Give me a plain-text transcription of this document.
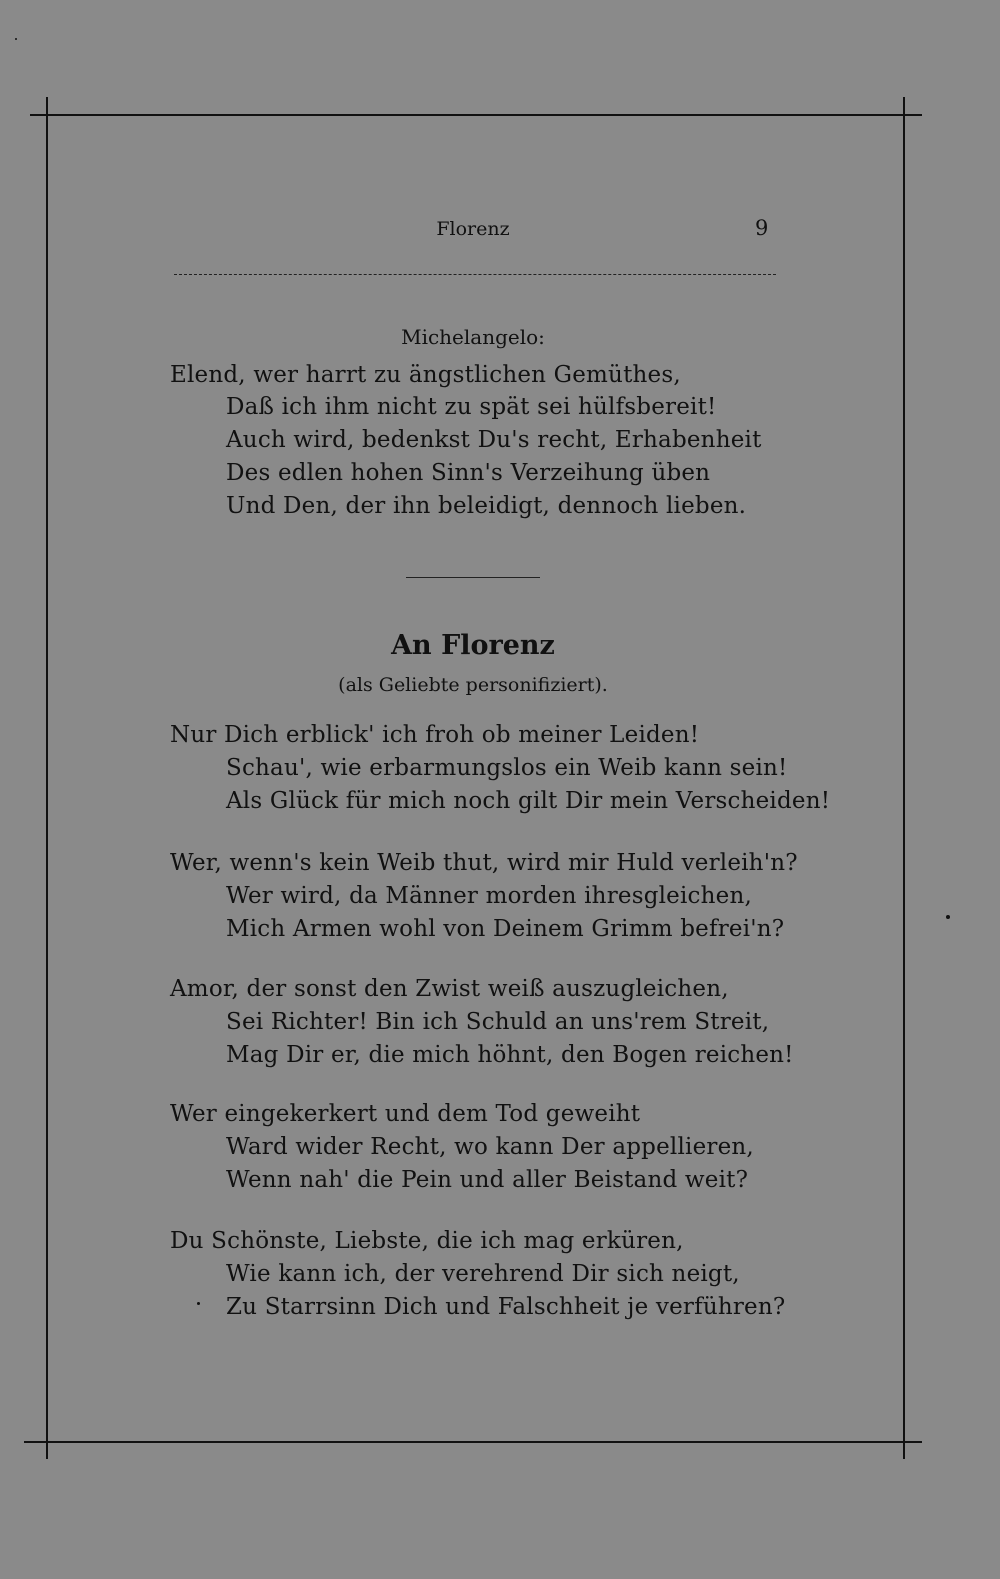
Florenz	9
Michelangelo:
Elend, wer harrt zu ängstlichen Gemüthes,
Daß ich ihm nicht zu spät sei hülfsbereit!
Auch wird, bedenkst Du's recht, Erhabenheit
Des edlen hohen Sinn's Verzeihung üben
Und Den, der ihn beleidigt, dennoch lieben.
An Florenz
(als Geliebte personifiziert).
Nur Dich erblick' ich froh ob meiner Leiden!
Schau', wie erbarmungslos ein Weib kann sein!
Als Glück für mich noch gilt Dir mein Verscheiden!
Wer, wenn's kein Weib thut, wird mir Huld verleih'n?
Wer wird, da Männer morden ihresgleichen,
Mich Armen wohl von Deinem Grimm befrei'n?
Amor, der sonst den Zwist weiß auszugleichen,
Sei Richter! Bin ich Schuld an uns'rem Streit,
Mag Dir er, die mich höhnt, den Bogen reichen!
Wer eingekerkert und dem Tod geweiht
Ward wider Recht, wo kann Der appellieren,
Wenn nah' die Pein und aller Beistand weit?
Du Schönste, Liebste, die ich mag erküren,
Wie kann ich, der verehrend Dir sich neigt,
Zu Starrsinn Dich und Falschheit je verführen?
